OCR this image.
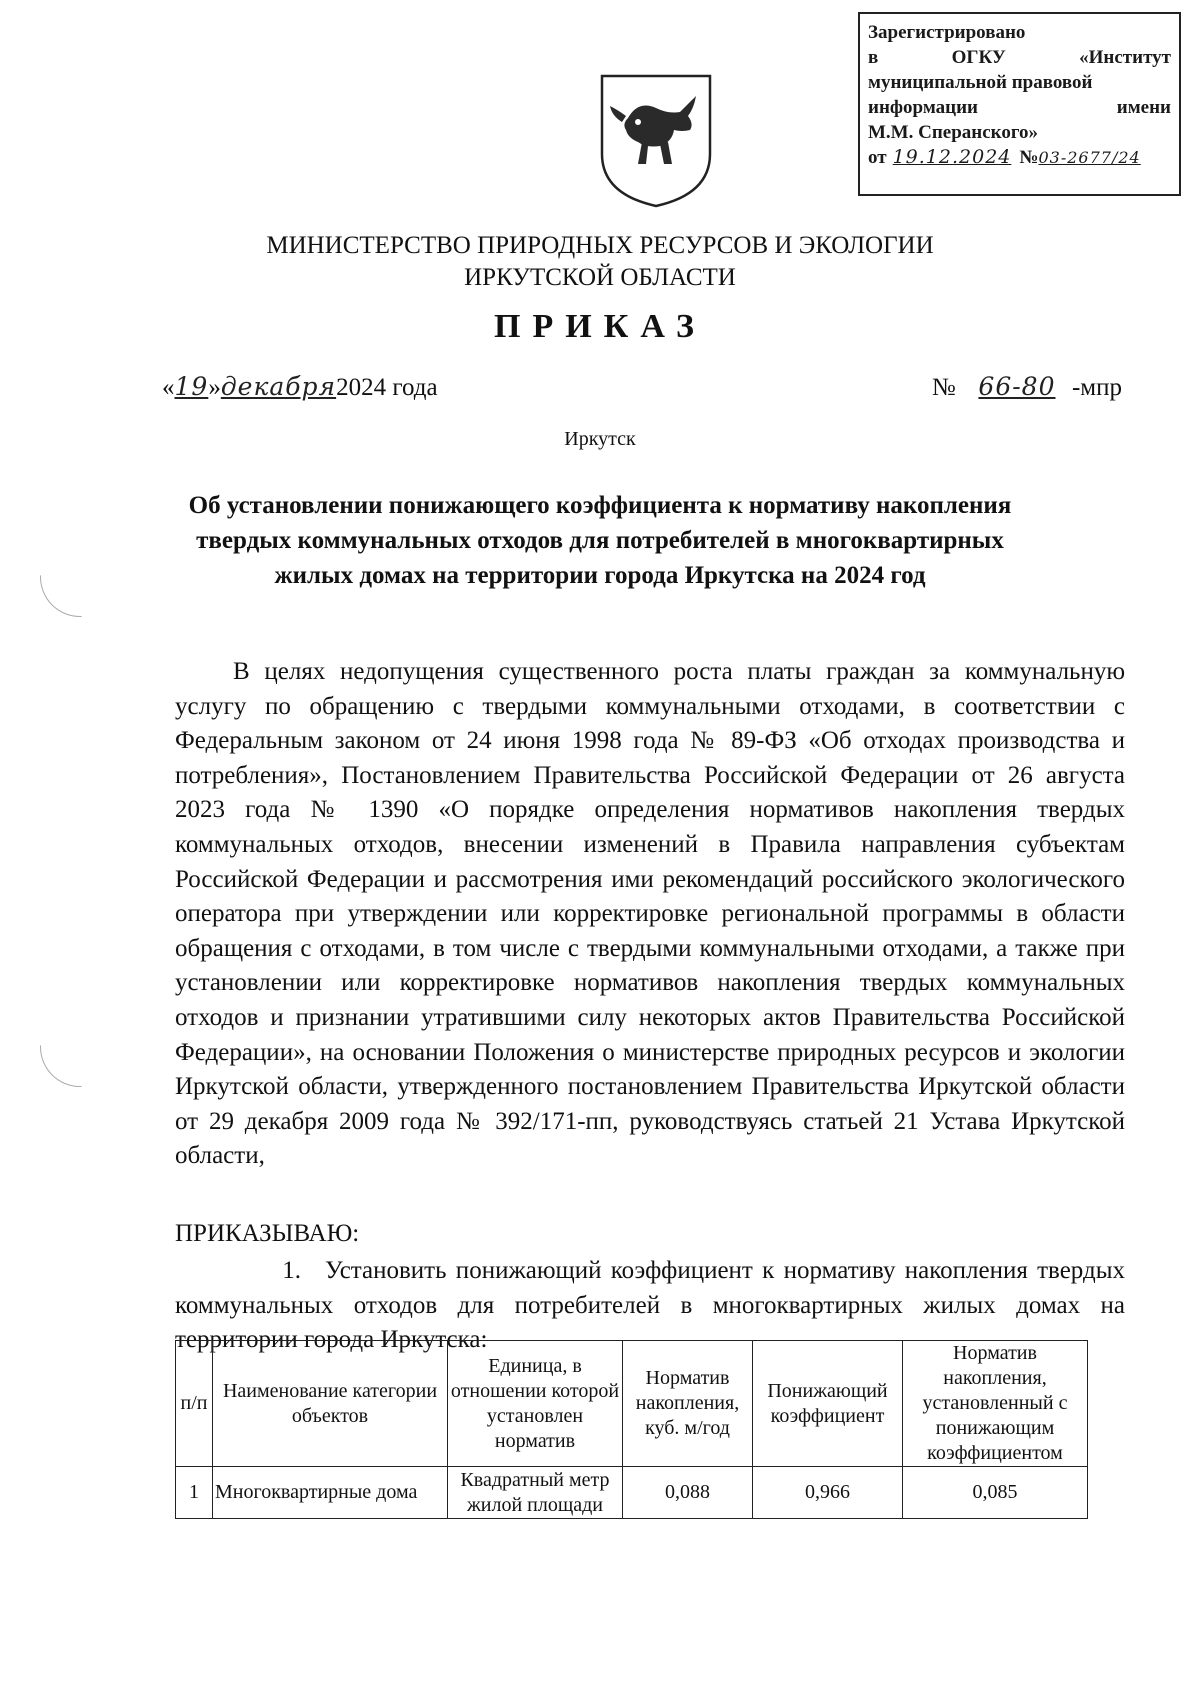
Зарегистрировано
в	ОГКУ	«Институт
муниципальной правовой
информации	имени
М.М. Сперанского»
от 19.12.2024 № 03-2677/24
МИНИСТЕРСТВО ПРИРОДНЫХ РЕСУРСОВ И ЭКОЛОГИИ
ИРКУТСКОЙ ОБЛАСТИ
ПРИКАЗ
«19»декабря2024 года	№ 66-80 -мпр
Иркутск
Об установлении понижающего коэффициента к нормативу накопления
твердых коммунальных отходов для потребителей в многоквартирных
жилых домах на территории города Иркутска на 2024 год

В целях недопущения существенного роста платы граждан за коммунальную услугу по обращению с твердыми коммунальными отходами, в соответствии с Федеральным законом от 24 июня 1998 года № 89-ФЗ «Об отходах производства и потребления», Постановлением Правительства Российской Федерации от 26 августа 2023 года № 1390 «О порядке определения нормативов накопления твердых коммунальных отходов, внесении изменений в Правила направления субъектам Российской Федерации и рассмотрения ими рекомендаций российского экологического оператора при утверждении или корректировке региональной программы в области обращения с отходами, в том числе с твердыми коммунальными отходами, а также при установлении или корректировке нормативов накопления твердых коммунальных отходов и признании утратившими силу некоторых актов Правительства Российской Федерации», на основании Положения о министерстве природных ресурсов и экологии Иркутской области, утвержденного постановлением Правительства Иркутской области от 29 декабря 2009 года № 392/171-пп, руководствуясь статьей 21 Устава Иркутской области,

ПРИКАЗЫВАЮ:
1. Установить понижающий коэффициент к нормативу накопления твердых коммунальных отходов для потребителей в многоквартирных жилых домах на территории города Иркутска:
п/п	Наименование категории объектов	Единица, в отношении которой установлен норматив	Норматив накопления, куб. м/год	Понижающий коэффициент	Норматив накопления, установленный с понижающим коэффициентом
1	Многоквартирные дома	Квадратный метр жилой площади	0,088	0,966	0,085
